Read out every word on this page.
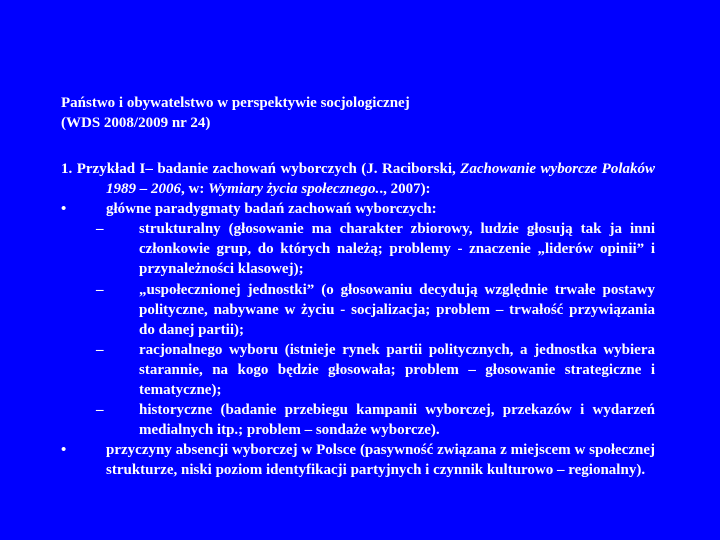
Państwo i obywatelstwo w perspektywie socjologicznej
(WDS 2008/2009 nr 24)
1. Przykład I– badanie zachowań wyborczych (J. Raciborski, Zachowanie wyborcze Polaków 1989 – 2006, w: Wymiary życia społecznego.., 2007):
•	główne paradygmaty badań zachowań wyborczych:
– strukturalny (głosowanie ma charakter zbiorowy, ludzie głosują tak ja inni członkowie grup, do których należą; problemy - znaczenie „liderów opinii” i przynależności klasowej);
– „uspołecznionej jednostki” (o głosowaniu decydują względnie trwałe postawy polityczne, nabywane w życiu - socjalizacja; problem – trwałość przywiązania do danej partii);
– racjonalnego wyboru (istnieje rynek partii politycznych, a jednostka wybiera starannie, na kogo będzie głosowała; problem – głosowanie strategiczne i tematyczne);
– historyczne (badanie przebiegu kampanii wyborczej, przekazów i wydarzeń medialnych itp.; problem – sondaże wyborcze).
•	przyczyny absencji wyborczej w Polsce (pasywność związana z miejscem w społecznej strukturze, niski poziom identyfikacji partyjnych i czynnik kulturowo – regionalny).
